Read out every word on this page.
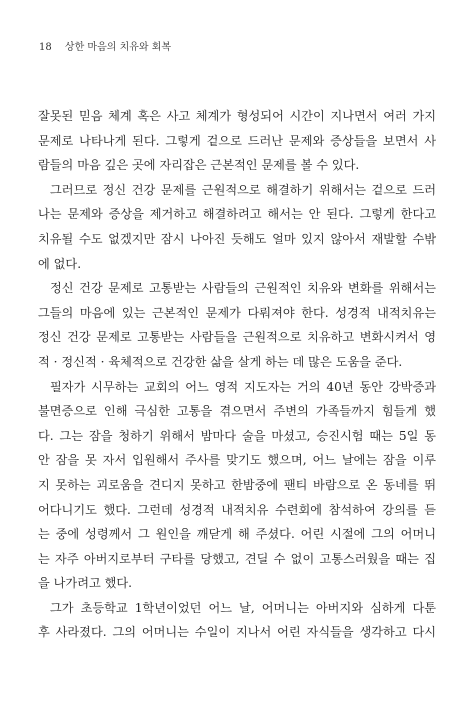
18 상한 마음의 치유와 회복
잘못된 믿음 체계 혹은 사고 체계가 형성되어 시간이 지나면서 여러 가지
문제로 나타나게 된다. 그렇게 겉으로 드러난 문제와 증상들을 보면서 사
람들의 마음 깊은 곳에 자리잡은 근본적인 문제를 볼 수 있다.
그러므로 정신 건강 문제를 근원적으로 해결하기 위해서는 겉으로 드러
나는 문제와 증상을 제거하고 해결하려고 해서는 안 된다. 그렇게 한다고
치유될 수도 없겠지만 잠시 나아진 듯해도 얼마 있지 않아서 재발할 수밖
에 없다.
정신 건강 문제로 고통받는 사람들의 근원적인 치유와 변화를 위해서는
그들의 마음에 있는 근본적인 문제가 다뤄져야 한다. 성경적 내적치유는
정신 건강 문제로 고통받는 사람들을 근원적으로 치유하고 변화시켜서 영
적 · 정신적 · 육체적으로 건강한 삶을 살게 하는 데 많은 도움을 준다.
필자가 시무하는 교회의 어느 영적 지도자는 거의 40년 동안 강박증과
불면증으로 인해 극심한 고통을 겪으면서 주변의 가족들까지 힘들게 했
다. 그는 잠을 청하기 위해서 밤마다 술을 마셨고, 승진시험 때는 5일 동
안 잠을 못 자서 입원해서 주사를 맞기도 했으며, 어느 날에는 잠을 이루
지 못하는 괴로움을 견디지 못하고 한밤중에 팬티 바람으로 온 동네를 뛰
어다니기도 했다. 그런데 성경적 내적치유 수련회에 참석하여 강의를 듣
는 중에 성령께서 그 원인을 깨닫게 해 주셨다. 어린 시절에 그의 어머니
는 자주 아버지로부터 구타를 당했고, 견딜 수 없이 고통스러웠을 때는 집
을 나가려고 했다.
그가 초등학교 1학년이었던 어느 날, 어머니는 아버지와 심하게 다툰
후 사라졌다. 그의 어머니는 수일이 지나서 어린 자식들을 생각하고 다시
